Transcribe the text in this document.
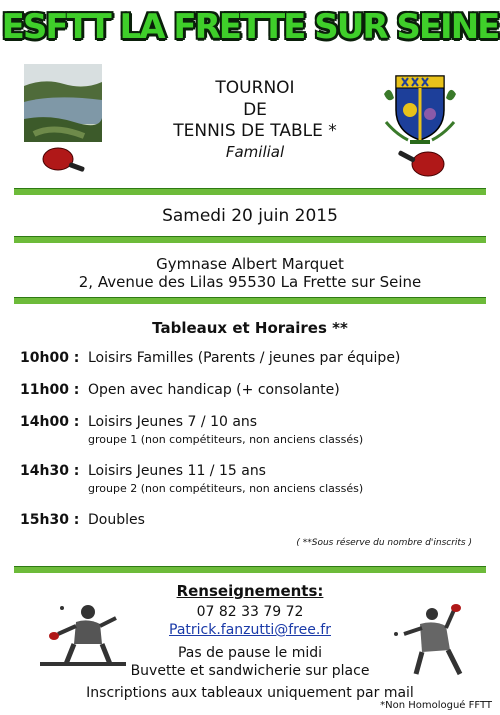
ESFTT LA FRETTE SUR SEINE
TOURNOI
DE
TENNIS DE TABLE *
Familial
Samedi 20 juin 2015
Gymnase Albert Marquet
2, Avenue des Lilas 95530 La Frette sur Seine
Tableaux et Horaires **
10h00 : Loisirs Familles (Parents / jeunes par équipe)
11h00 : Open avec handicap (+ consolante)
14h00 : Loisirs Jeunes 7 / 10 ans
groupe 1 (non compétiteurs, non anciens classés)
14h30 : Loisirs Jeunes 11 / 15 ans
groupe 2 (non compétiteurs, non anciens classés)
15h30 : Doubles
( **Sous réserve du nombre d'inscrits )
Renseignements:
07 82 33 79 72
Patrick.fanzutti@free.fr
Pas de pause le midi
Buvette et sandwicherie sur place
Inscriptions aux tableaux uniquement par mail
*Non Homologué FFTT
